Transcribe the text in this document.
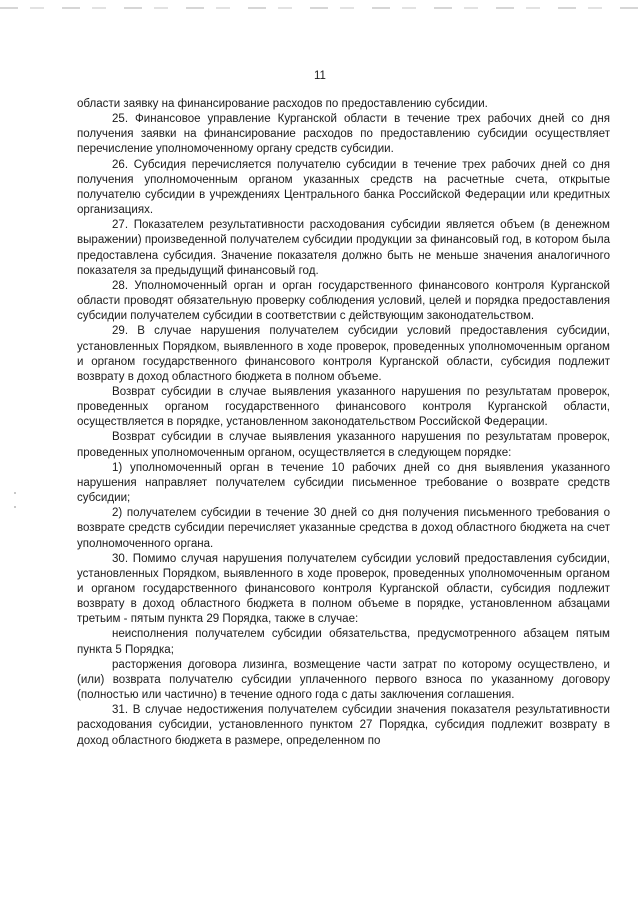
11

области заявку на финансирование расходов по предоставлению субсидии.

25. Финансовое управление Курганской области в течение трех рабочих дней со дня получения заявки на финансирование расходов по предоставлению субсидии осуществляет перечисление уполномоченному органу средств субсидии.

26. Субсидия перечисляется получателю субсидии в течение трех рабочих дней со дня получения уполномоченным органом указанных средств на расчетные счета, открытые получателю субсидии в учреждениях Центрального банка Российской Федерации или кредитных организациях.

27. Показателем результативности расходования субсидии является объем (в денежном выражении) произведенной получателем субсидии продукции за финансовый год, в котором была предоставлена субсидия. Значение показателя должно быть не меньше значения аналогичного показателя за предыдущий финансовый год.

28. Уполномоченный орган и орган государственного финансового контроля Курганской области проводят обязательную проверку соблюдения условий, целей и порядка предоставления субсидии получателем субсидии в соответствии с действующим законодательством.

29. В случае нарушения получателем субсидии условий предоставления субсидии, установленных Порядком, выявленного в ходе проверок, проведенных уполномоченным органом и органом государственного финансового контроля Курганской области, субсидия подлежит возврату в доход областного бюджета в полном объеме.

Возврат субсидии в случае выявления указанного нарушения по результатам проверок, проведенных органом государственного финансового контроля Курганской области, осуществляется в порядке, установленном законодательством Российской Федерации.

Возврат субсидии в случае выявления указанного нарушения по результатам проверок, проведенных уполномоченным органом, осуществляется в следующем порядке:

1) уполномоченный орган в течение 10 рабочих дней со дня выявления указанного нарушения направляет получателем субсидии письменное требование о возврате средств субсидии;

2) получателем субсидии в течение 30 дней со дня получения письменного требования о возврате средств субсидии перечисляет указанные средства в доход областного бюджета на счет уполномоченного органа.

30. Помимо случая нарушения получателем субсидии условий предоставления субсидии, установленных Порядком, выявленного в ходе проверок, проведенных уполномоченным органом и органом государственного финансового контроля Курганской области, субсидия подлежит возврату в доход областного бюджета в полном объеме в порядке, установленном абзацами третьим - пятым пункта 29 Порядка, также в случае:

неисполнения получателем субсидии обязательства, предусмотренного абзацем пятым пункта 5 Порядка;

расторжения договора лизинга, возмещение части затрат по которому осуществлено, и (или) возврата получателю субсидии уплаченного первого взноса по указанному договору (полностью или частично) в течение одного года с даты заключения соглашения.

31. В случае недостижения получателем субсидии значения показателя результативности расходования субсидии, установленного пунктом 27 Порядка, субсидия подлежит возврату в доход областного бюджета в размере, определенном по
